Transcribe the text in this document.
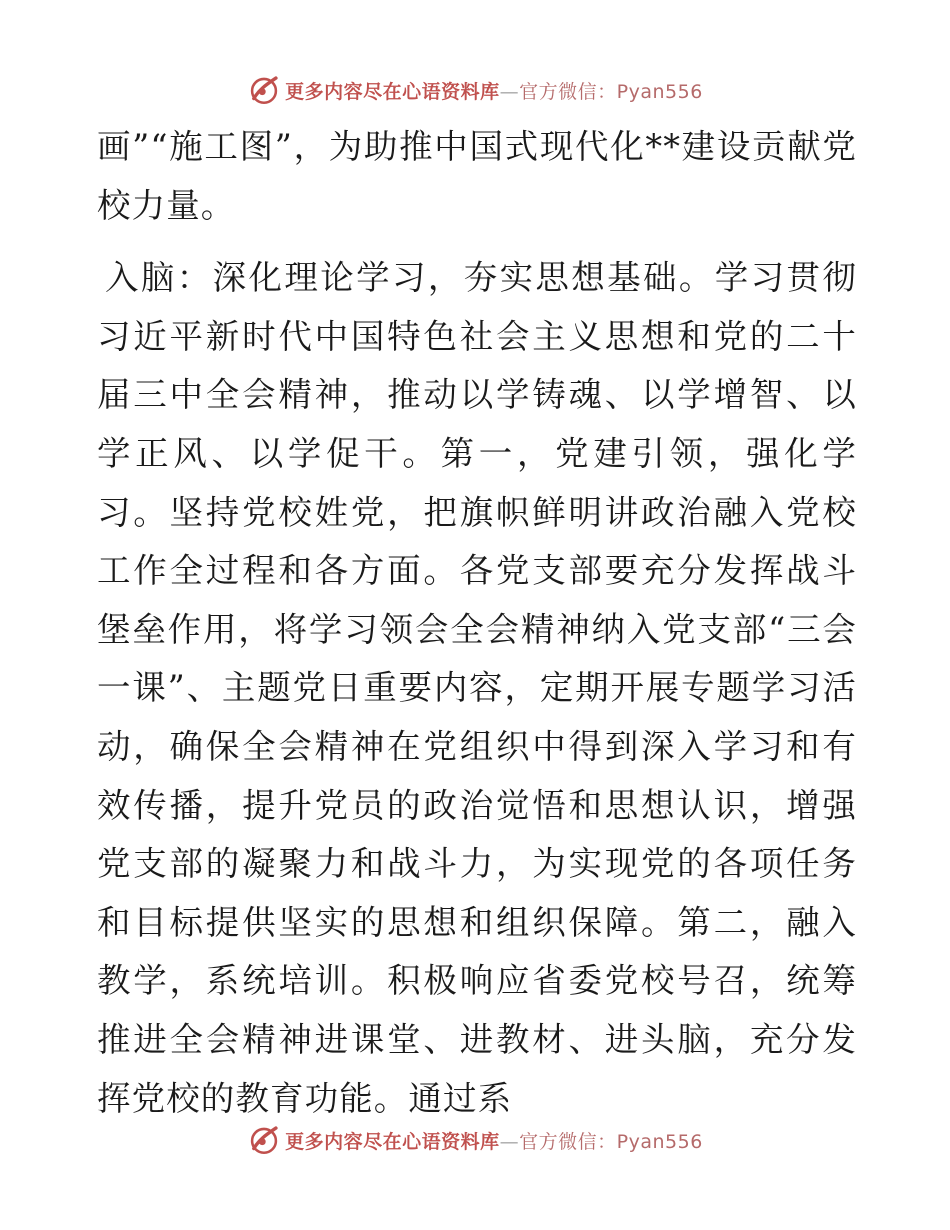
更多内容尽在心语资料库—官方微信：Pyan556

画”“施工图”，为助推中国式现代化**建设贡献党校力量。

入脑：深化理论学习，夯实思想基础。学习贯彻习近平新时代中国特色社会主义思想和党的二十届三中全会精神，推动以学铸魂、以学增智、以学正风、以学促干。第一，党建引领，强化学习。坚持党校姓党，把旗帜鲜明讲政治融入党校工作全过程和各方面。各党支部要充分发挥战斗堡垒作用，将学习领会全会精神纳入党支部“三会一课”、主题党日重要内容，定期开展专题学习活动，确保全会精神在党组织中得到深入学习和有效传播，提升党员的政治觉悟和思想认识，增强党支部的凝聚力和战斗力，为实现党的各项任务和目标提供坚实的思想和组织保障。第二，融入教学，系统培训。积极响应省委党校号召，统筹推进全会精神进课堂、进教材、进头脑，充分发挥党校的教育功能。通过系

更多内容尽在心语资料库—官方微信：Pyan556
